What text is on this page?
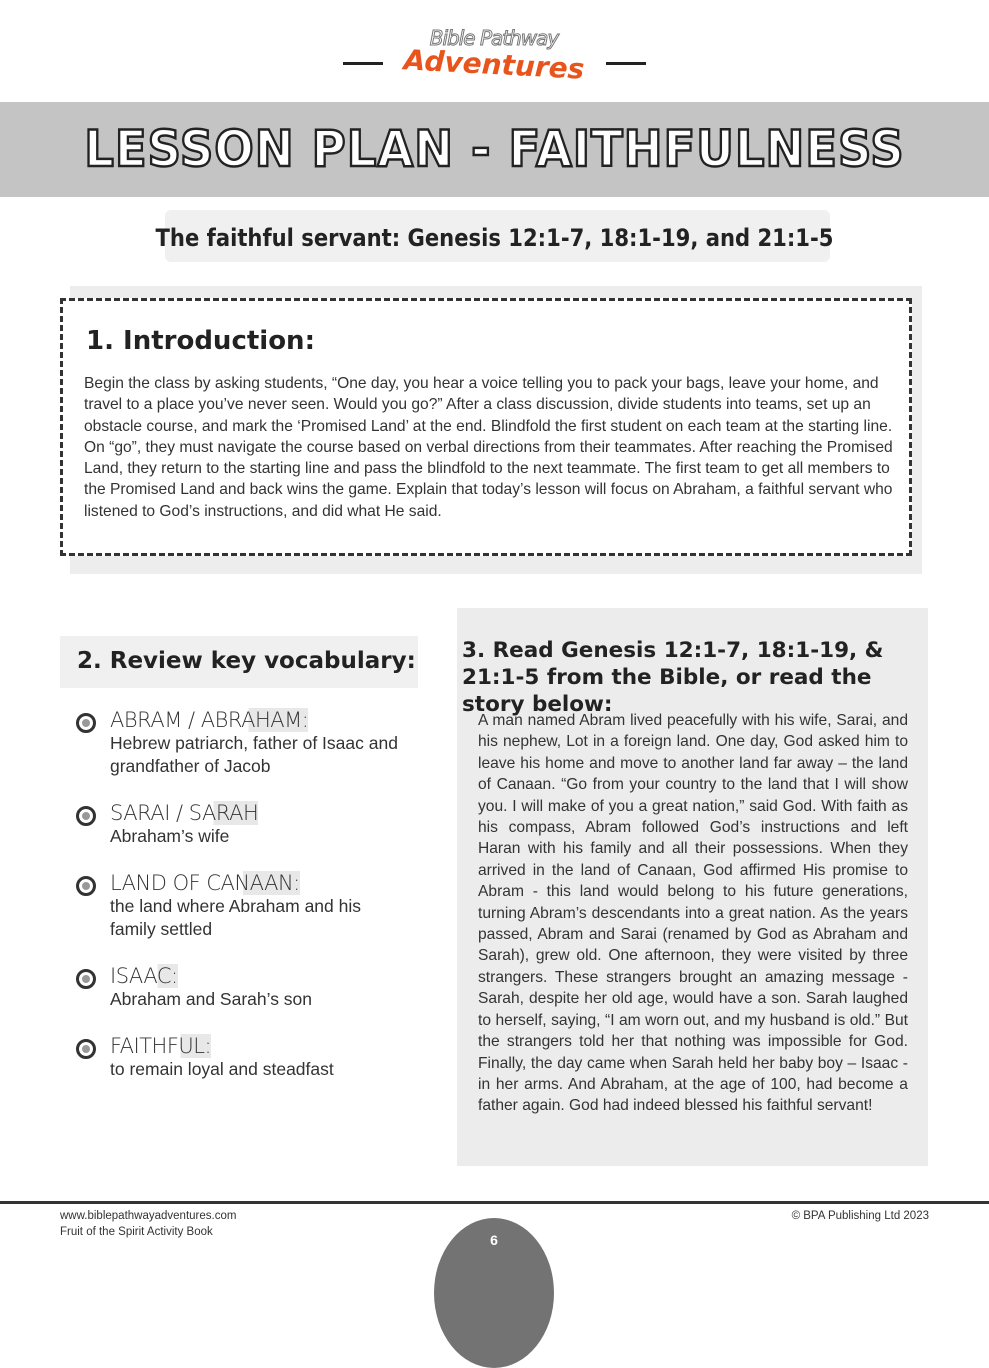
Bible Pathway
Adventures
LESSON PLAN - FAITHFULNESS
The faithful servant: Genesis 12:1-7, 18:1-19, and 21:1-5
1. Introduction:
Begin the class by asking students, “One day, you hear a voice telling you to pack your bags, leave your home, and travel to a place you’ve never seen. Would you go?” After a class discussion, divide students into teams, set up an obstacle course, and mark the ‘Promised Land’ at the end. Blindfold the first student on each team at the starting line. On “go”, they must navigate the course based on verbal directions from their teammates. After reaching the Promised Land, they return to the starting line and pass the blindfold to the next teammate. The first team to get all members to the Promised Land and back wins the game. Explain that today’s lesson will focus on Abraham, a faithful servant who listened to God’s instructions, and did what He said.
2. Review key vocabulary:
ABRAM / ABRAHAM:
Hebrew patriarch, father of Isaac and grandfather of Jacob
SARAI / SARAH
Abraham’s wife
LAND OF CANAAN:
the land where Abraham and his family settled
ISAAC:
Abraham and Sarah’s son
FAITHFUL:
to remain loyal and steadfast
3. Read Genesis 12:1-7, 18:1-19, & 21:1-5 from the Bible, or read the story below:
A man named Abram lived peacefully with his wife, Sarai, and his nephew, Lot in a foreign land. One day, God asked him to leave his home and move to another land far away – the land of Canaan. “Go from your country to the land that I will show you. I will make of you a great nation,” said God. With faith as his compass, Abram followed God’s instructions and left Haran with his family and all their possessions. When they arrived in the land of Canaan, God affirmed His promise to Abram - this land would belong to his future generations, turning Abram’s descendants into a great nation. As the years passed, Abram and Sarai (renamed by God as Abraham and Sarah), grew old. One afternoon, they were visited by three strangers. These strangers brought an amazing message - Sarah, despite her old age, would have a son. Sarah laughed to herself, saying, “I am worn out, and my husband is old.” But the strangers told her that nothing was impossible for God. Finally, the day came when Sarah held her baby boy – Isaac - in her arms. And Abraham, at the age of 100, had become a father again. God had indeed blessed his faithful servant!
www.biblepathwayadventures.com
Fruit of the Spirit Activity Book
© BPA Publishing Ltd 2023
6
